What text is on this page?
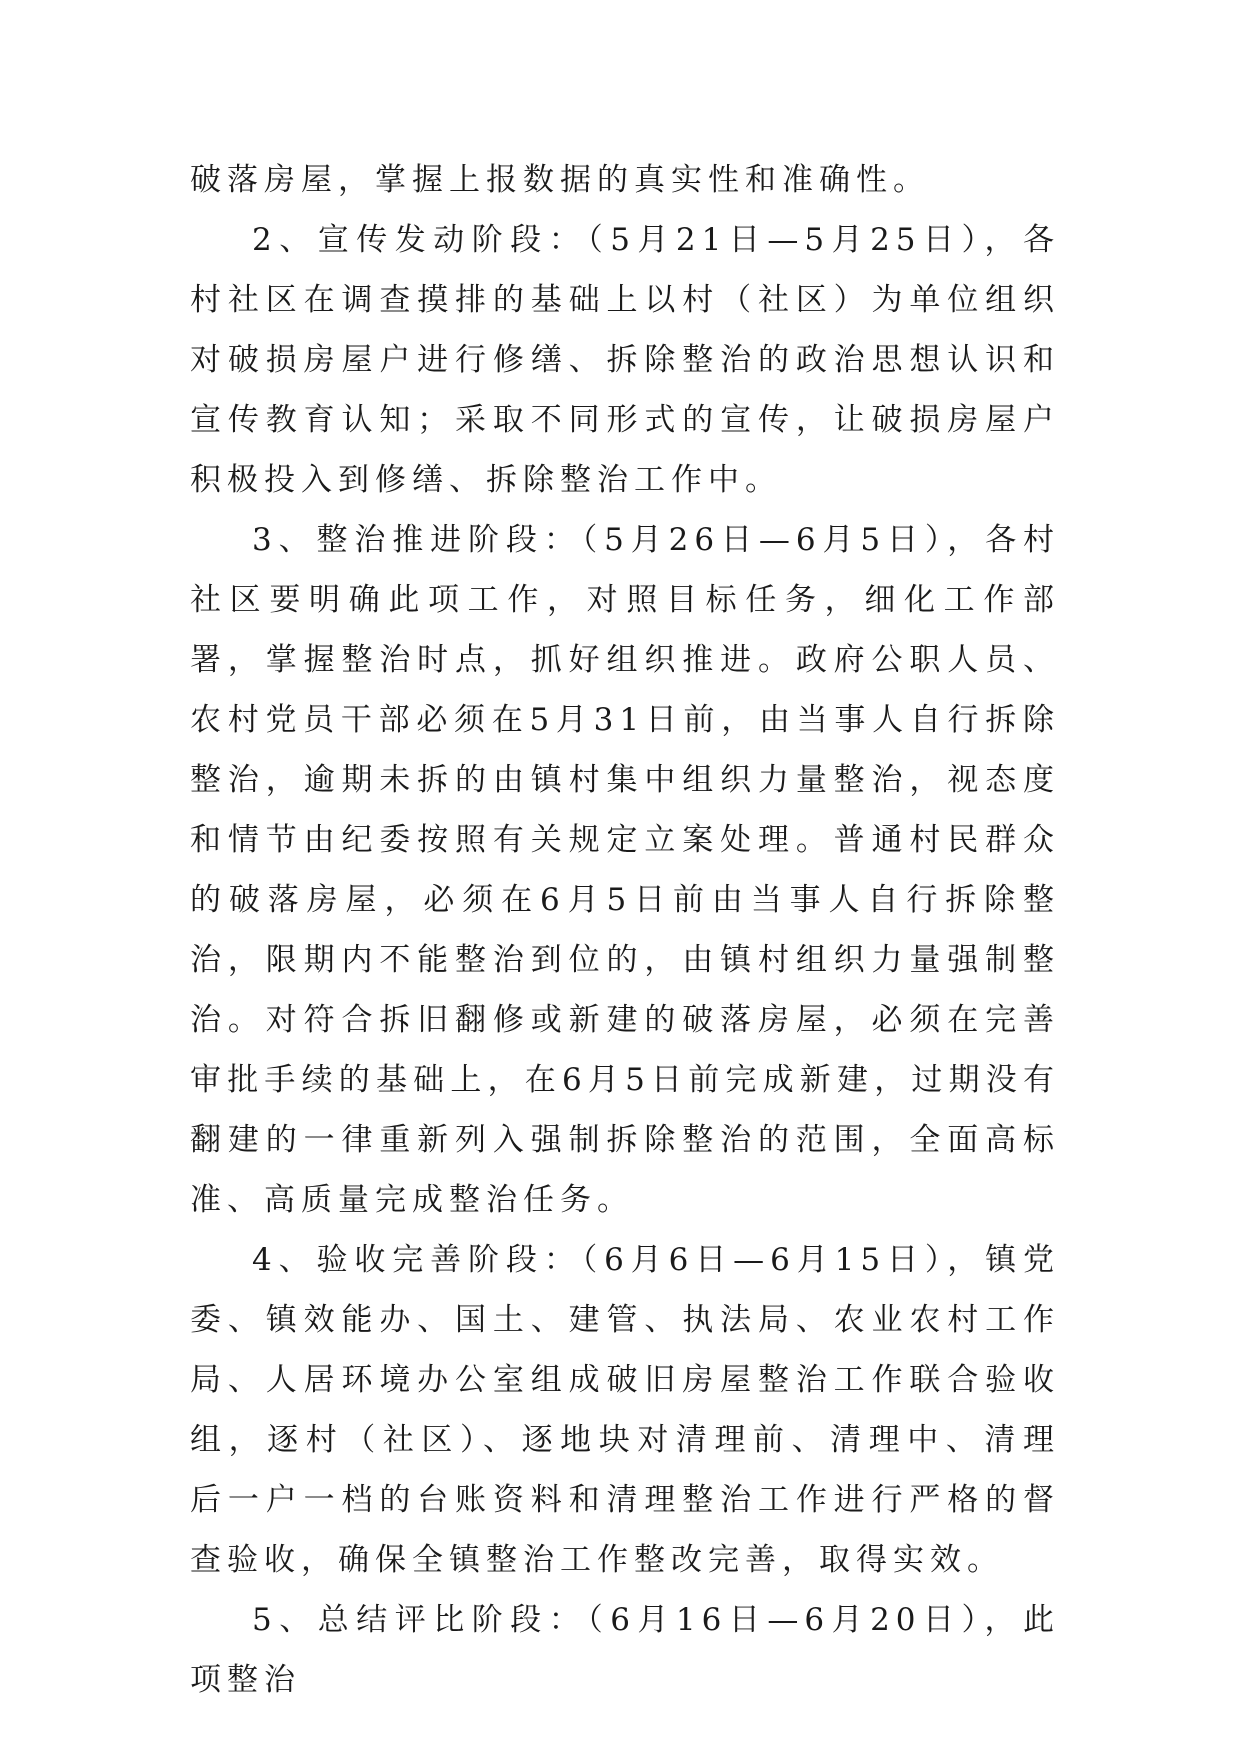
破落房屋，掌握上报数据的真实性和准确性。

2、宣传发动阶段：（5月21日—5月25日），各村社区在调查摸排的基础上以村（社区）为单位组织对破损房屋户进行修缮、拆除整治的政治思想认识和宣传教育认知；采取不同形式的宣传，让破损房屋户积极投入到修缮、拆除整治工作中。

3、整治推进阶段：（5月26日—6月5日），各村社区要明确此项工作，对照目标任务，细化工作部署，掌握整治时点，抓好组织推进。政府公职人员、农村党员干部必须在5月31日前，由当事人自行拆除整治，逾期未拆的由镇村集中组织力量整治，视态度和情节由纪委按照有关规定立案处理。普通村民群众的破落房屋，必须在6月5日前由当事人自行拆除整治，限期内不能整治到位的，由镇村组织力量强制整治。对符合拆旧翻修或新建的破落房屋，必须在完善审批手续的基础上，在6月5日前完成新建，过期没有翻建的一律重新列入强制拆除整治的范围，全面高标准、高质量完成整治任务。

4、验收完善阶段：（6月6日—6月15日），镇党委、镇效能办、国土、建管、执法局、农业农村工作局、人居环境办公室组成破旧房屋整治工作联合验收组，逐村（社区）、逐地块对清理前、清理中、清理后一户一档的台账资料和清理整治工作进行严格的督查验收，确保全镇整治工作整改完善，取得实效。

5、总结评比阶段：（6月16日—6月20日），此项整治
